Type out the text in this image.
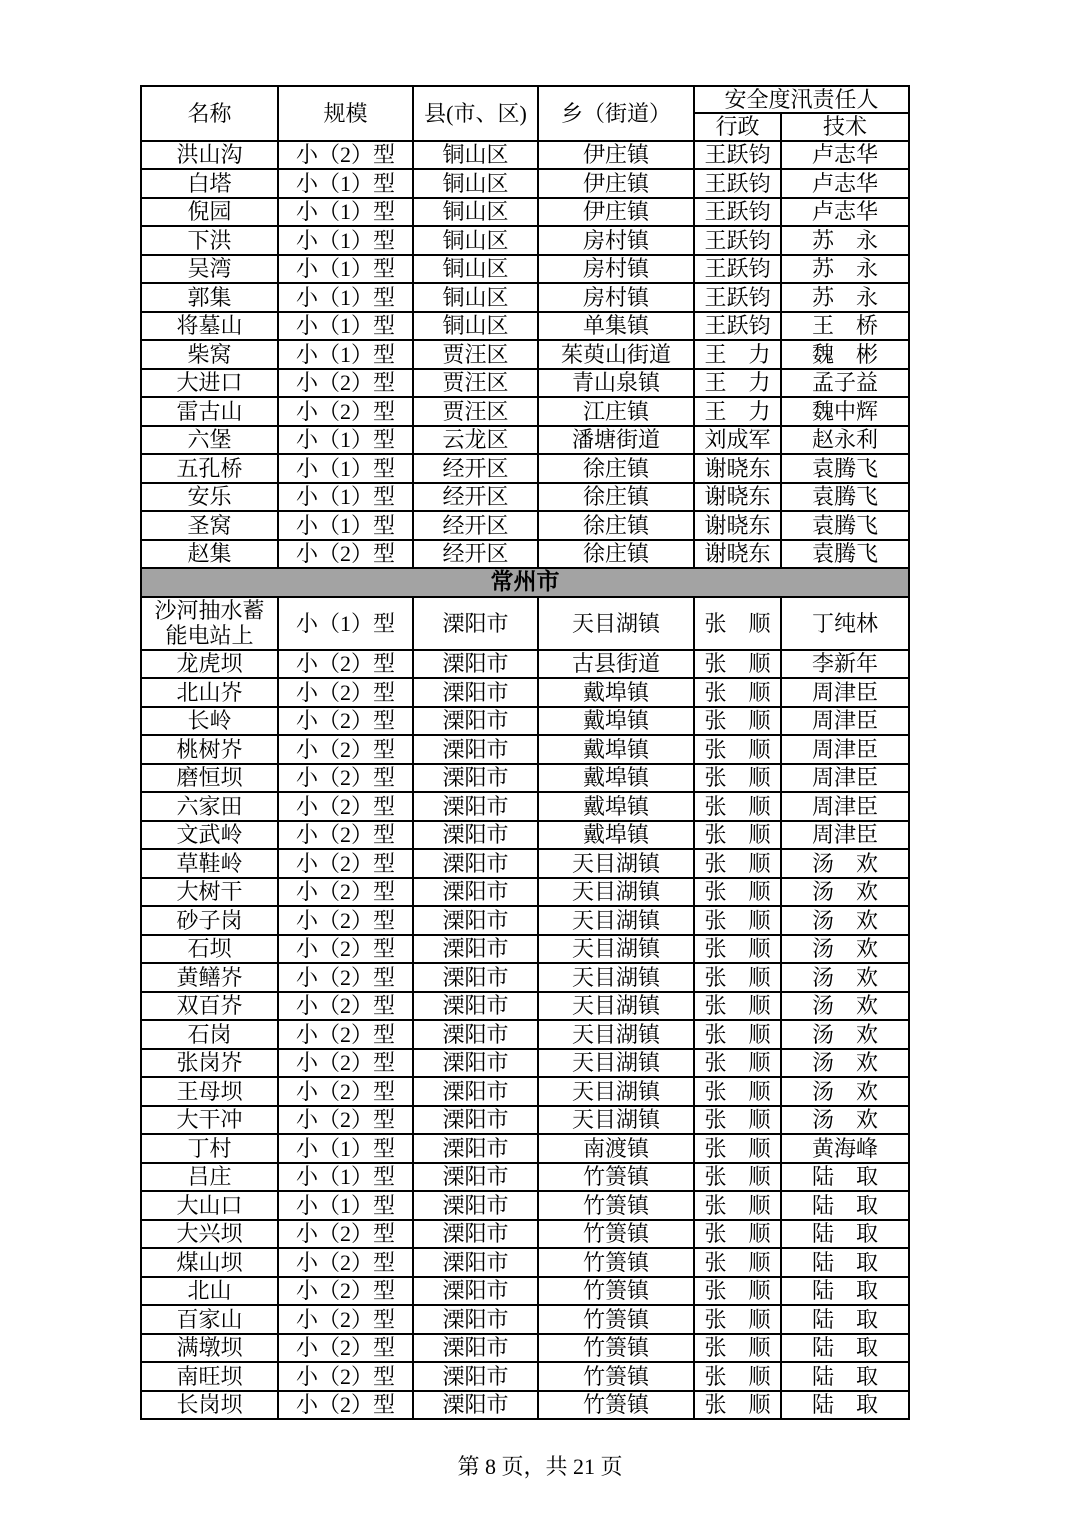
名称	规模	县(市、区)	乡（街道）	安全度汛责任人	
				行政	技术
洪山沟	小（2）型	铜山区	伊庄镇	王跃钧	卢志华
白塔	小（1）型	铜山区	伊庄镇	王跃钧	卢志华
倪园	小（1）型	铜山区	伊庄镇	王跃钧	卢志华
下洪	小（1）型	铜山区	房村镇	王跃钧	苏　永
吴湾	小（1）型	铜山区	房村镇	王跃钧	苏　永
郭集	小（1）型	铜山区	房村镇	王跃钧	苏　永
将墓山	小（1）型	铜山区	单集镇	王跃钧	王　桥
柴窝	小（1）型	贾汪区	茱萸山街道	王　力	魏　彬
大进口	小（2）型	贾汪区	青山泉镇	王　力	孟子益
雷古山	小（2）型	贾汪区	江庄镇	王　力	魏中辉
六堡	小（1）型	云龙区	潘塘街道	刘成军	赵永利
五孔桥	小（1）型	经开区	徐庄镇	谢晓东	袁腾飞
安乐	小（1）型	经开区	徐庄镇	谢晓东	袁腾飞
圣窝	小（1）型	经开区	徐庄镇	谢晓东	袁腾飞
赵集	小（2）型	经开区	徐庄镇	谢晓东	袁腾飞
常州市					
沙河抽水蓄能电站上	小（1）型	溧阳市	天目湖镇	张　顺	丁纯林
龙虎坝	小（2）型	溧阳市	古县街道	张　顺	李新年
北山岕	小（2）型	溧阳市	戴埠镇	张　顺	周津臣
长岭	小（2）型	溧阳市	戴埠镇	张　顺	周津臣
桃树岕	小（2）型	溧阳市	戴埠镇	张　顺	周津臣
磨恒坝	小（2）型	溧阳市	戴埠镇	张　顺	周津臣
六家田	小（2）型	溧阳市	戴埠镇	张　顺	周津臣
文武岭	小（2）型	溧阳市	戴埠镇	张　顺	周津臣
草鞋岭	小（2）型	溧阳市	天目湖镇	张　顺	汤　欢
大树干	小（2）型	溧阳市	天目湖镇	张　顺	汤　欢
砂子岗	小（2）型	溧阳市	天目湖镇	张　顺	汤　欢
石坝	小（2）型	溧阳市	天目湖镇	张　顺	汤　欢
黄鳝岕	小（2）型	溧阳市	天目湖镇	张　顺	汤　欢
双百岕	小（2）型	溧阳市	天目湖镇	张　顺	汤　欢
石岗	小（2）型	溧阳市	天目湖镇	张　顺	汤　欢
张岗岕	小（2）型	溧阳市	天目湖镇	张　顺	汤　欢
王母坝	小（2）型	溧阳市	天目湖镇	张　顺	汤　欢
大干冲	小（2）型	溧阳市	天目湖镇	张　顺	汤　欢
丁村	小（1）型	溧阳市	南渡镇	张　顺	黄海峰
吕庄	小（1）型	溧阳市	竹箦镇	张　顺	陆　取
大山口	小（1）型	溧阳市	竹箦镇	张　顺	陆　取
大兴坝	小（2）型	溧阳市	竹箦镇	张　顺	陆　取
煤山坝	小（2）型	溧阳市	竹箦镇	张　顺	陆　取
北山	小（2）型	溧阳市	竹箦镇	张　顺	陆　取
百家山	小（2）型	溧阳市	竹箦镇	张　顺	陆　取
满墩坝	小（2）型	溧阳市	竹箦镇	张　顺	陆　取
南旺坝	小（2）型	溧阳市	竹箦镇	张　顺	陆　取
长岗坝	小（2）型	溧阳市	竹箦镇	张　顺	陆　取
第 8 页，共 21 页
